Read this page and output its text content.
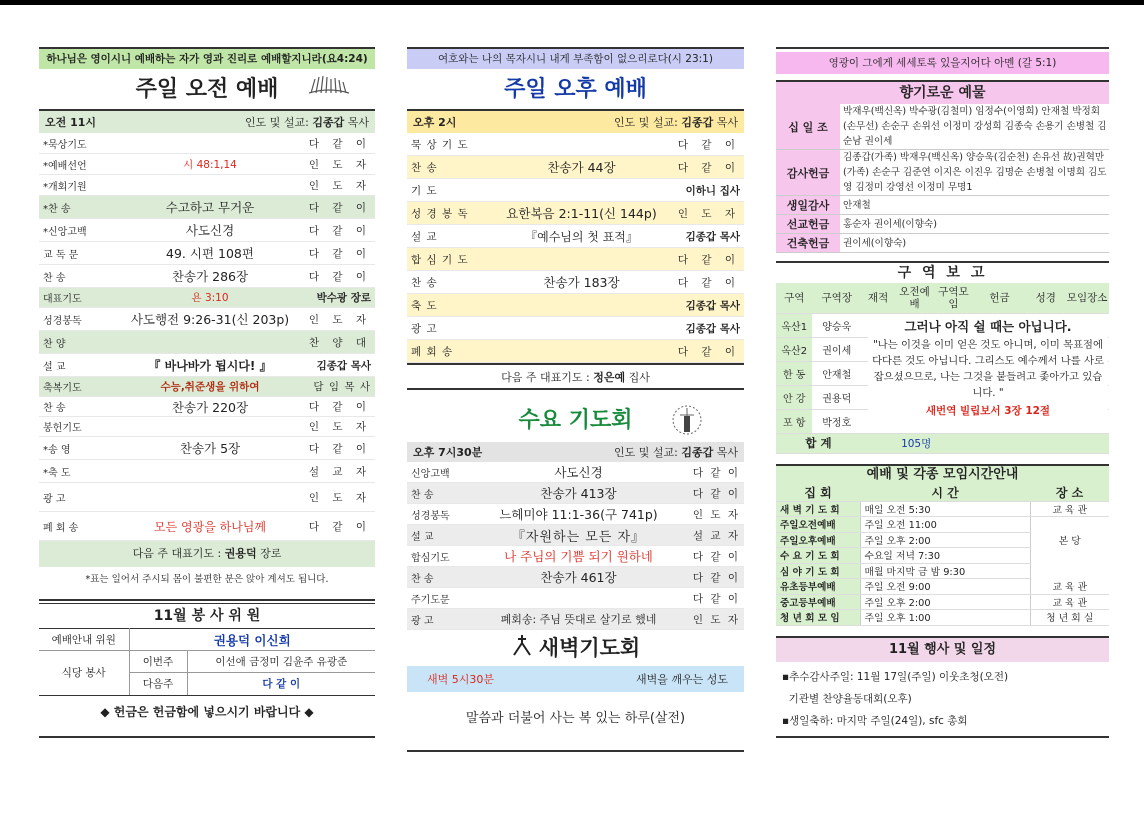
하나님은 영이시니 예배하는 자가 영과 진리로 예배할지니라(요4:24)
주일 오전 예배
오전 11시	인도 및 설교: 김종갑 목사
*묵상기도	다 같 이
*예배선언	시 48:1,14	인 도 자
*개회기원	인 도 자
*찬 송	수고하고 무거운	다 같 이
*신앙고백	사도신경	다 같 이
교 독 문	49. 시편 108편	다 같 이
찬 송	찬송가 286장	다 같 이
대표기도	욘 3:10	박수광 장로
성경봉독	사도행전 9:26-31(신 203p)	인 도 자
찬 양	찬 양 대
설 교	『 바나바가 됩시다! 』	김종갑 목사
축복기도	수능,취준생을 위하여	담 임 목 사
찬 송	찬송가 220장	다 같 이
봉헌기도	인 도 자
*송 영	찬송가 5장	다 같 이
*축 도	설 교 자
광 고	인 도 자
폐 회 송	모든 영광을 하나님께	다 같 이
다음 주 대표기도 : 권용덕 장로
*표는 일어서 주시되 몸이 불편한 분은 앉아 계셔도 됩니다.
11월 봉 사 위 원
예배안내 위원	권용덕 이신희	
식당 봉사	이번주	이선애 금정미 김윤주 유광준
	다음주	다 같 이
◆ 헌금은 헌금함에 넣으시기 바랍니다 ◆
여호와는 나의 목자시니 내게 부족함이 없으리로다(시 23:1)
주일 오후 예배
오후 2시	인도 및 설교: 김종갑 목사
묵 상 기 도	다 같 이
찬 송	찬송가 44장	다 같 이
기 도	이하니 집사
성 경 봉 독	요한복음 2:1-11(신 144p)	인 도 자
설 교	『예수님의 첫 표적』	김종갑 목사
합 심 기 도	다 같 이
찬 송	찬송가 183장	다 같 이
축 도	김종갑 목사
광 고	김종갑 목사
폐 회 송	다 같 이
다음 주 대표기도 : 정은예 집사
수요 기도회
오후 7시30분	인도 및 설교: 김종갑 목사
신앙고백	사도신경	다 같 이
찬 송	찬송가 413장	다 같 이
성경봉독	느헤미야 11:1-36(구 741p)	인 도 자
설 교	『자원하는 모든 자』	설 교 자
합심기도	나 주님의 기쁨 되기 원하네	다 같 이
찬 송	찬송가 461장	다 같 이
주기도문	다 같 이
광 고	폐회송: 주님 뜻대로 살기로 했네	인 도 자
새벽기도회
새벽 5시30분	새벽을 깨우는 성도
말씀과 더불어 사는 복 있는 하루(살전)
영광이 그에게 세세토록 있을지어다 아멘 (갈 5:1)
향기로운 예물
십 일 조
박재우(백신옥) 박수광(김철미) 임정수(이영희) 안재철 박정회(손무선) 손순구 손위선 이정미 강성희 김종숙 손용기 손병철 김순남 권이세
감사헌금
김종갑(가족) 박재우(백신옥) 양승욱(김순천) 손유선 故)권혁만(가족) 손순구 김준연 이지은 이진우 김명순 손병철 이명희 김도영 김정미 강영선 이정미 무명1
생일감사	안재철
선교헌금	홍순자 권이세(이향숙)
건축헌금	권이세(이향숙)
구 역 보 고
구역	구역장	재적	오전예배	구역모임	헌금	성경	모임장소
옥산1	양승욱						
옥산2	권이세						
한 동	안재철						
안 강	권용덕						
포 항	박정호						
합 계		105명					
그러나 아직 쉴 때는 아닙니다.
"나는 이것을 이미 얻은 것도 아니며, 이미 목표점에 다다른 것도 아닙니다. 그리스도 예수께서 나를 사로잡으셨으므로, 나는 그것을 붙들려고 좇아가고 있습니다. "
새번역 빌립보서 3장 12절
예배 및 각종 모임시간안내
집 회	시 간	장 소
새 벽 기 도 회	매일 오전 5:30	교 육 관
주일오전예배	주일 오전 11:00	
주일오후예배	주일 오후 2:00	본 당
수 요 기 도 회	수요일 저녁 7:30	
심 야 기 도 회	매월 마지막 금 밤 9:30	
유초등부예배	주일 오전 9:00	교 육 관
중고등부예배	주일 오후 2:00	교 육 관
청 년 회 모 임	주일 오후 1:00	청 년 회 실
11월 행사 및 일정
▪추수감사주일: 11월 17일(주일) 이웃초청(오전)
기관별 찬양율동대회(오후)
▪생일축하: 마지막 주일(24일), sfc 총회
